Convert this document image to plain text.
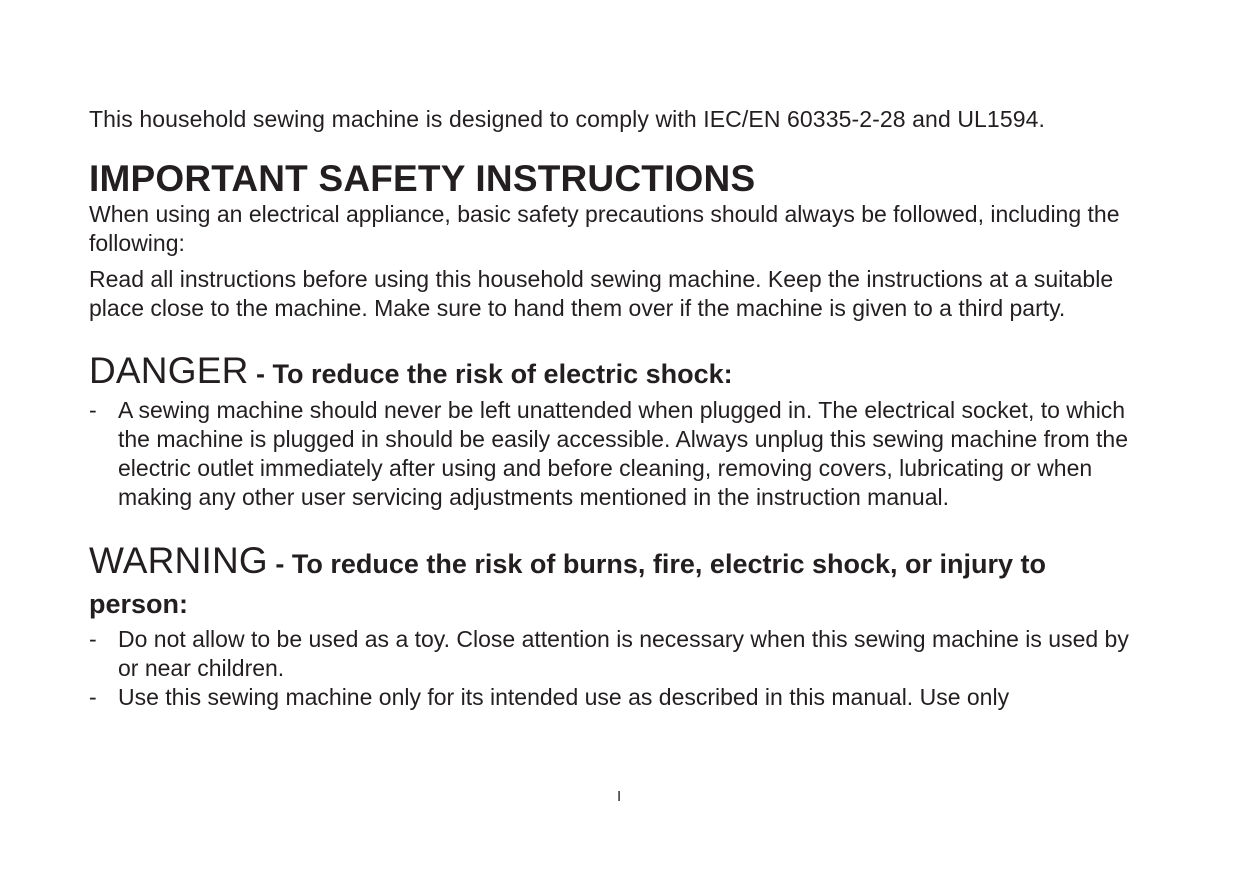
This household sewing machine is designed to comply with IEC/EN 60335-2-28 and UL1594.

IMPORTANT SAFETY INSTRUCTIONS

When using an electrical appliance, basic safety precautions should always be followed, including the following:

Read all instructions before using this household sewing machine. Keep the instructions at a suitable place close to the machine. Make sure to hand them over if the machine is given to a third party.

DANGER - To reduce the risk of electric shock:
- A sewing machine should never be left unattended when plugged in. The electrical socket, to which the machine is plugged in should be easily accessible. Always unplug this sewing machine from the electric outlet immediately after using and before cleaning, removing covers, lubricating or when making any other user servicing adjustments mentioned in the instruction manual.
WARNING - To reduce the risk of burns, fire, electric shock, or injury to person:
- Do not allow to be used as a toy. Close attention is necessary when this sewing machine is used by or near children.
- Use this sewing machine only for its intended use as described in this manual. Use only
I
